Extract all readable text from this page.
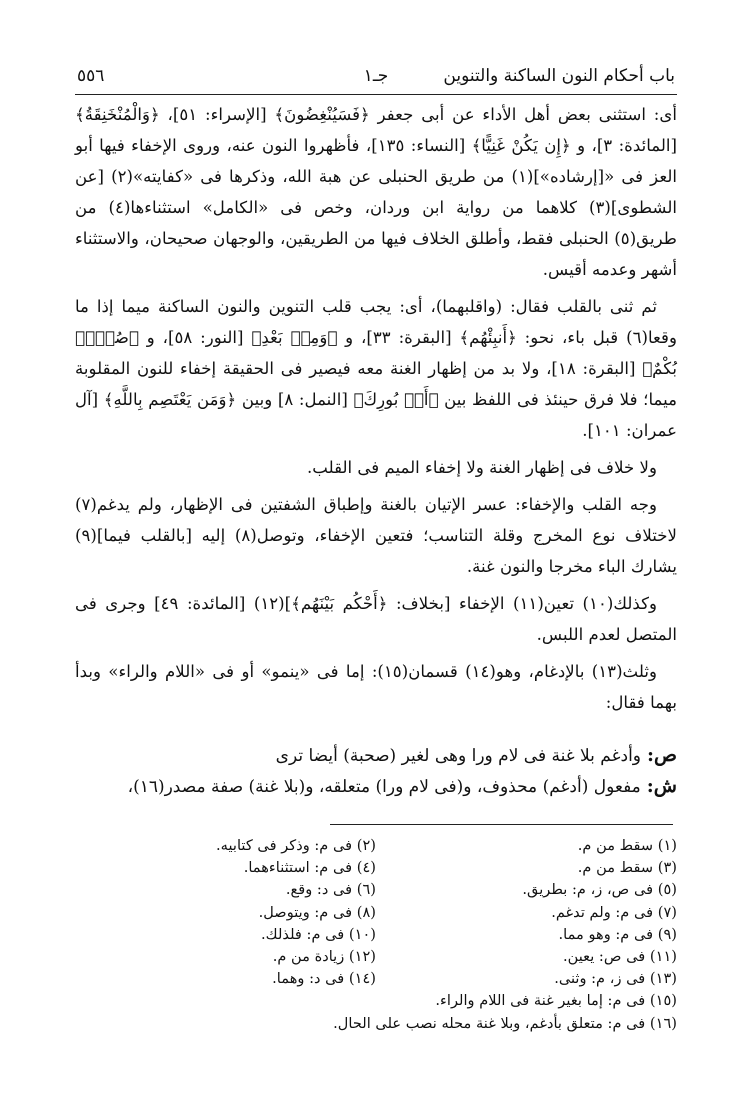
باب أحكام النون الساكنة والتنوين
جـ١
٥٥٦

أى: استثنى بعض أهل الأداء عن أبى جعفر ﴿فَسَيُنْغِضُونَ﴾ [الإسراء: ٥١]، ﴿وَالْمُنْخَنِقَةُ﴾ [المائدة: ٣]، و ﴿إِن يَكُنْ غَنِيًّا﴾ [النساء: ١٣٥]، فأظهروا النون عنه، وروى الإخفاء فيها أبو العز فى «[إرشاده»](١) من طريق الحنبلى عن هبة الله، وذكرها فى «كفايته»(٢) [عن الشطوى](٣) كلاهما من رواية ابن وردان، وخص فى «الكامل» استثناءها(٤) من طريق(٥) الحنبلى فقط، وأطلق الخلاف فيها من الطريقين، والوجهان صحيحان، والاستثناء أشهر وعدمه أقيس.

ثم ثنى بالقلب فقال: (واقلبهما)، أى: يجب قلب التنوين والنون الساكنة ميما إذا ما وقعا(٦) قبل باء، نحو: ﴿أَنبِئْهُم﴾ [البقرة: ٣٣]، و ﴿وَمِنۢ بَعْدِ﴾ [النور: ٥٨]، و ﴿صُمٌّۢ بُكْمٌ﴾ [البقرة: ١٨]، ولا بد من إظهار الغنة معه فيصير فى الحقيقة إخفاء للنون المقلوبة ميما؛ فلا فرق حينئذ فى اللفظ بين ﴿أَنۢ بُورِكَ﴾ [النمل: ٨] وبين ﴿وَمَن يَعْتَصِم بِاللَّهِ﴾ [آل عمران: ١٠١].

ولا خلاف فى إظهار الغنة ولا إخفاء الميم فى القلب.

وجه القلب والإخفاء: عسر الإتيان بالغنة وإطباق الشفتين فى الإظهار، ولم يدغم(٧) لاختلاف نوع المخرج وقلة التناسب؛ فتعين الإخفاء، وتوصل(٨) إليه [بالقلب فيما](٩) يشارك الباء مخرجا والنون غنة.

وكذلك(١٠) تعين(١١) الإخفاء [بخلاف: ﴿أَحْكُم بَيْنَهُم﴾](١٢) [المائدة: ٤٩] وجرى فى المتصل لعدم اللبس.

وثلث(١٣) بالإدغام، وهو(١٤) قسمان(١٥): إما فى «ينمو» أو فى «اللام والراء» وبدأ بهما فقال:

ص:وأدغم بلا غنة فى لام ورا وهى لغير (صحبة) أيضا ترى
ش:مفعول (أدغم) محذوف، و(فى لام ورا) متعلقه، و(بلا غنة) صفة مصدر(١٦)،
(١) سقط من م.
(٢) فى م: وذكر فى كتابيه.
(٣) سقط من م.
(٤) فى م: استثناءهما.
(٥) فى ص، ز، م: بطريق.
(٦) فى د: وقع.
(٧) فى م: ولم تدغم.
(٨) فى م: ويتوصل.
(٩) فى م: وهو مما.
(١٠) فى م: فلذلك.
(١١) فى ص: يعين.
(١٢) زيادة من م.
(١٣) فى ز، م: وثنى.
(١٤) فى د: وهما.
(١٥) فى م: إما بغير غنة فى اللام والراء.
(١٦) فى م: متعلق بأدغم، وبلا غنة محله نصب على الحال.
